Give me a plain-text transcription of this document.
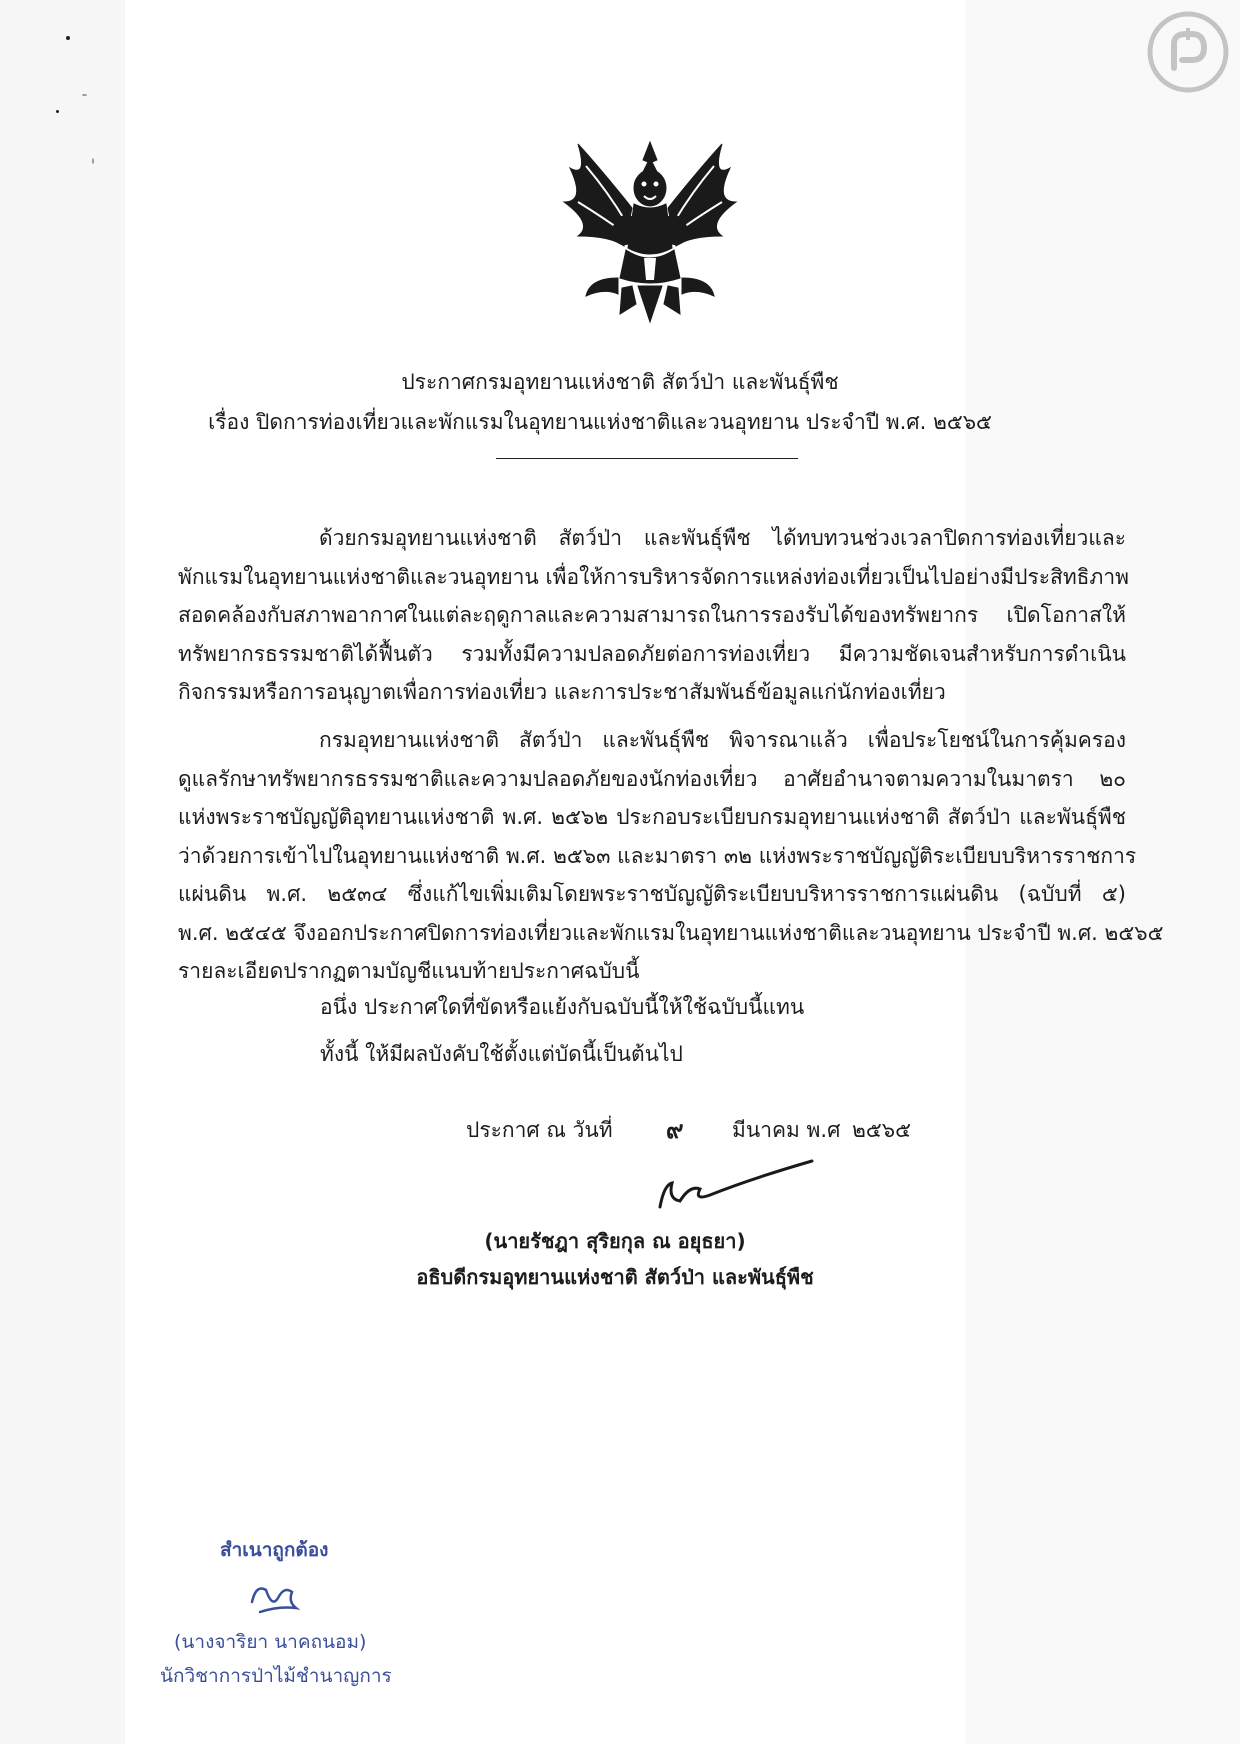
ประกาศกรมอุทยานแห่งชาติ สัตว์ป่า และพันธุ์พืช
เรื่อง ปิดการท่องเที่ยวและพักแรมในอุทยานแห่งชาติและวนอุทยาน ประจำปี พ.ศ. ๒๕๖๕
ด้วยกรมอุทยานแห่งชาติ สัตว์ป่า และพันธุ์พืช ได้ทบทวนช่วงเวลาปิดการท่องเที่ยวและ
พักแรมในอุทยานแห่งชาติและวนอุทยาน เพื่อให้การบริหารจัดการแหล่งท่องเที่ยวเป็นไปอย่างมีประสิทธิภาพ
สอดคล้องกับสภาพอากาศในแต่ละฤดูกาลและความสามารถในการรองรับได้ของทรัพยากร เปิดโอกาสให้
ทรัพยากรธรรมชาติได้ฟื้นตัว รวมทั้งมีความปลอดภัยต่อการท่องเที่ยว มีความชัดเจนสำหรับการดำเนิน
กิจกรรมหรือการอนุญาตเพื่อการท่องเที่ยว และการประชาสัมพันธ์ข้อมูลแก่นักท่องเที่ยว
กรมอุทยานแห่งชาติ สัตว์ป่า และพันธุ์พืช พิจารณาแล้ว เพื่อประโยชน์ในการคุ้มครอง
ดูแลรักษาทรัพยากรธรรมชาติและความปลอดภัยของนักท่องเที่ยว อาศัยอำนาจตามความในมาตรา ๒๐
แห่งพระราชบัญญัติอุทยานแห่งชาติ พ.ศ. ๒๕๖๒ ประกอบระเบียบกรมอุทยานแห่งชาติ สัตว์ป่า และพันธุ์พืช
ว่าด้วยการเข้าไปในอุทยานแห่งชาติ พ.ศ. ๒๕๖๓ และมาตรา ๓๒ แห่งพระราชบัญญัติระเบียบบริหารราชการ
แผ่นดิน พ.ศ. ๒๕๓๔ ซึ่งแก้ไขเพิ่มเติมโดยพระราชบัญญัติระเบียบบริหารราชการแผ่นดิน (ฉบับที่ ๕)
พ.ศ. ๒๕๔๕ จึงออกประกาศปิดการท่องเที่ยวและพักแรมในอุทยานแห่งชาติและวนอุทยาน ประจำปี พ.ศ. ๒๕๖๕
รายละเอียดปรากฏตามบัญชีแนบท้ายประกาศฉบับนี้
อนึ่ง ประกาศใดที่ขัดหรือแย้งกับฉบับนี้ให้ใช้ฉบับนี้แทน
ทั้งนี้ ให้มีผลบังคับใช้ตั้งแต่บัดนี้เป็นต้นไป
ประกาศ ณ วันที่ ๙ มีนาคม พ.ศ ๒๕๖๕
(นายรัชฎา สุริยกุล ณ อยุธยา)
อธิบดีกรมอุทยานแห่งชาติ สัตว์ป่า และพันธุ์พืช
สำเนาถูกต้อง
(นางจาริยา นาคถนอม)
นักวิชาการป่าไม้ชำนาญการ
